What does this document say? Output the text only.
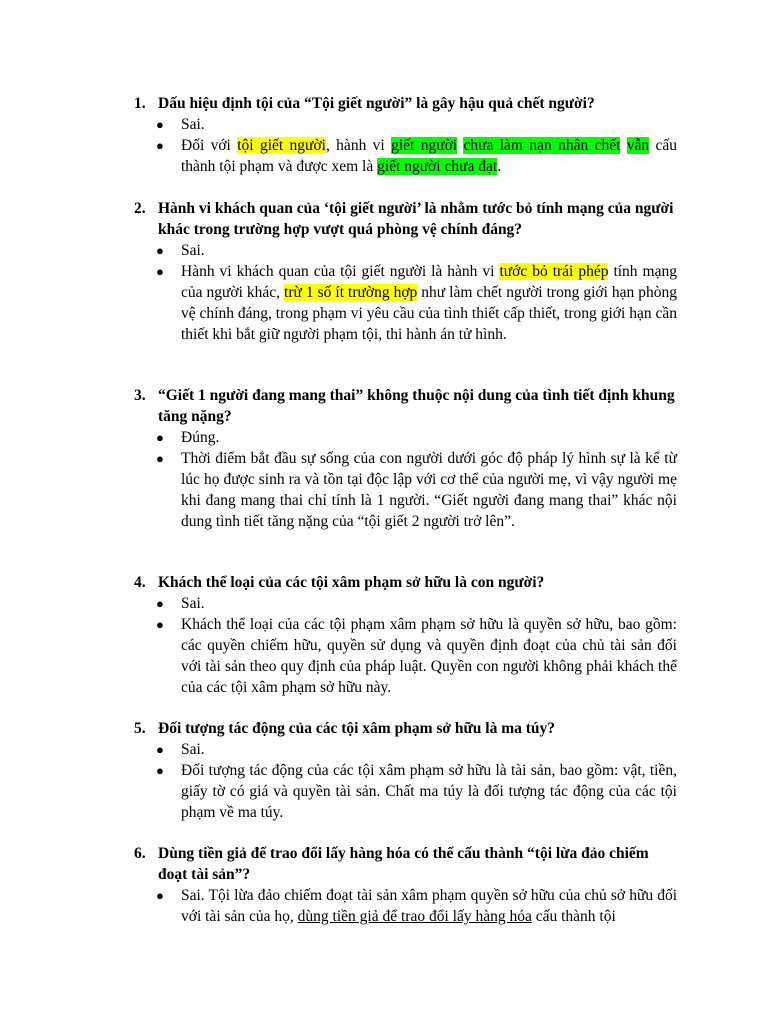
1. Dấu hiệu định tội của “Tội giết người” là gây hậu quả chết người?
● Sai.
● Đối với tội giết người, hành vi giết người chưa làm nạn nhân chết vẫn cấu thành tội phạm và được xem là giết người chưa đạt.
2. Hành vi khách quan của ‘tội giết người’ là nhằm tước bỏ tính mạng của người khác trong trường hợp vượt quá phòng vệ chính đáng?
● Sai.
● Hành vi khách quan của tội giết người là hành vi tước bỏ trái phép tính mạng của người khác, trừ 1 số ít trường hợp như làm chết người trong giới hạn phòng vệ chính đáng, trong phạm vi yêu cầu của tình thiết cấp thiết, trong giới hạn cần thiết khi bắt giữ người phạm tội, thi hành án tử hình.
3. “Giết 1 người đang mang thai” không thuộc nội dung của tình tiết định khung tăng nặng?
● Đúng.
● Thời điểm bắt đầu sự sống của con người dưới góc độ pháp lý hình sự là kể từ lúc họ được sinh ra và tồn tại độc lập với cơ thể của người mẹ, vì vậy người mẹ khi đang mang thai chỉ tính là 1 người. “Giết người đang mang thai” khác nội dung tình tiết tăng nặng của “tội giết 2 người trở lên”.
4. Khách thể loại của các tội xâm phạm sở hữu là con người?
● Sai.
● Khách thể loại của các tội phạm xâm phạm sở hữu là quyền sở hữu, bao gồm: các quyền chiếm hữu, quyền sử dụng và quyền định đoạt của chủ tài sản đối với tài sản theo quy định của pháp luật. Quyền con người không phải khách thể của các tội xâm phạm sở hữu này.
5. Đối tượng tác động của các tội xâm phạm sở hữu là ma túy?
● Sai.
● Đối tượng tác động của các tội xâm phạm sở hữu là tài sản, bao gồm: vật, tiền, giấy tờ có giá và quyền tài sản. Chất ma túy là đối tượng tác động của các tội phạm về ma túy.
6. Dùng tiền giả để trao đổi lấy hàng hóa có thể cấu thành “tội lừa đảo chiếm đoạt tài sản”?
● Sai. Tội lừa đảo chiếm đoạt tài sản xâm phạm quyền sở hữu của chủ sở hữu đối với tài sản của họ, dùng tiền giả để trao đổi lấy hàng hóa cấu thành tội
